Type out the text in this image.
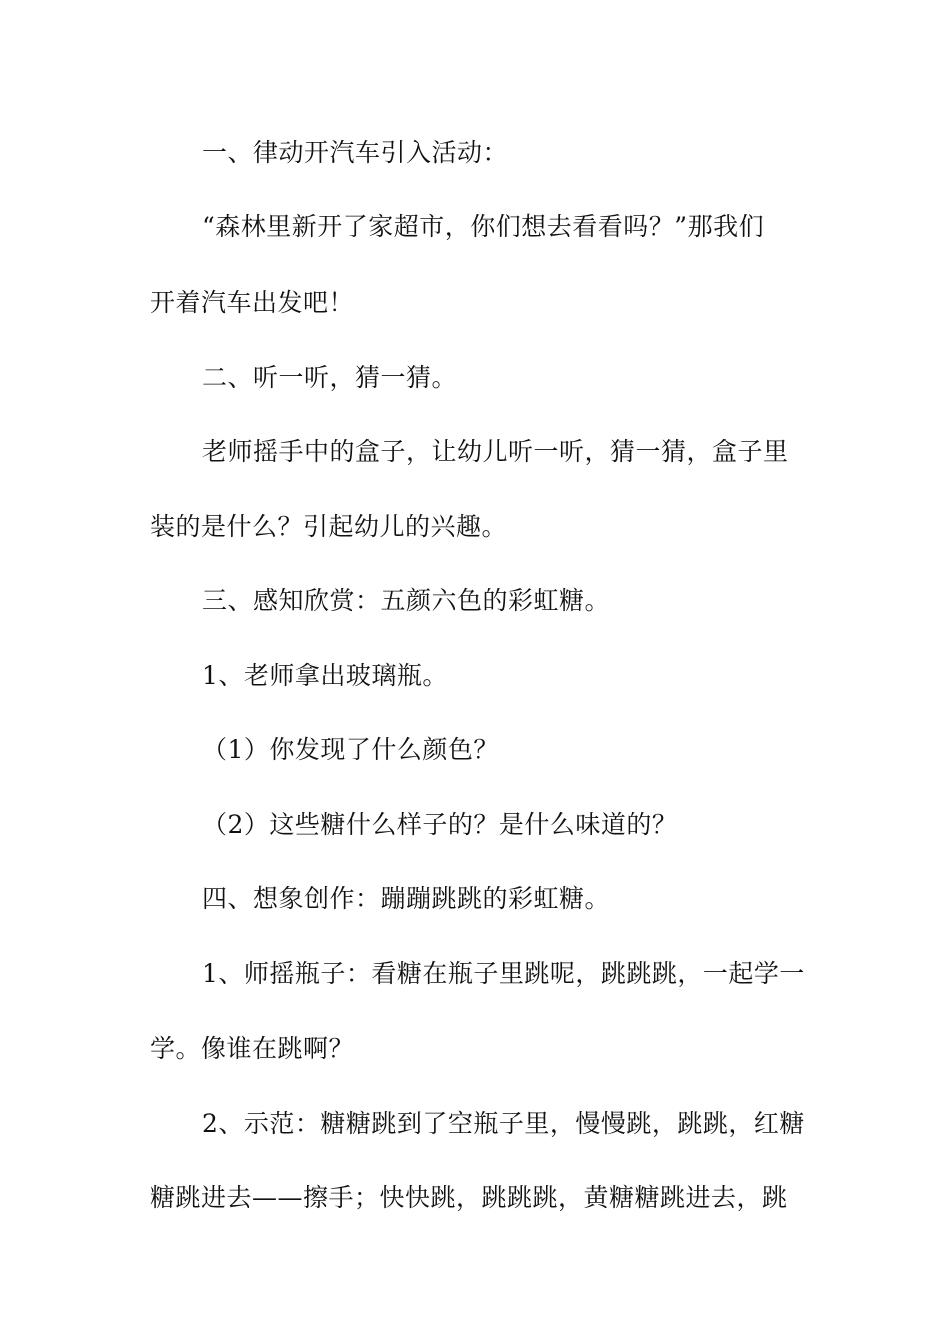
一、律动开汽车引入活动：
“森林里新开了家超市，你们想去看看吗？”那我们
开着汽车出发吧！
二、听一听，猜一猜。
老师摇手中的盒子，让幼儿听一听，猜一猜，盒子里
装的是什么？引起幼儿的兴趣。
三、感知欣赏：五颜六色的彩虹糖。
1、老师拿出玻璃瓶。
（1）你发现了什么颜色？
（2）这些糖什么样子的？是什么味道的？
四、想象创作：蹦蹦跳跳的彩虹糖。
1、师摇瓶子：看糖在瓶子里跳呢，跳跳跳，一起学一
学。像谁在跳啊？
2、示范：糖糖跳到了空瓶子里，慢慢跳，跳跳，红糖
糖跳进去——擦手；快快跳，跳跳跳，黄糖糖跳进去，跳
